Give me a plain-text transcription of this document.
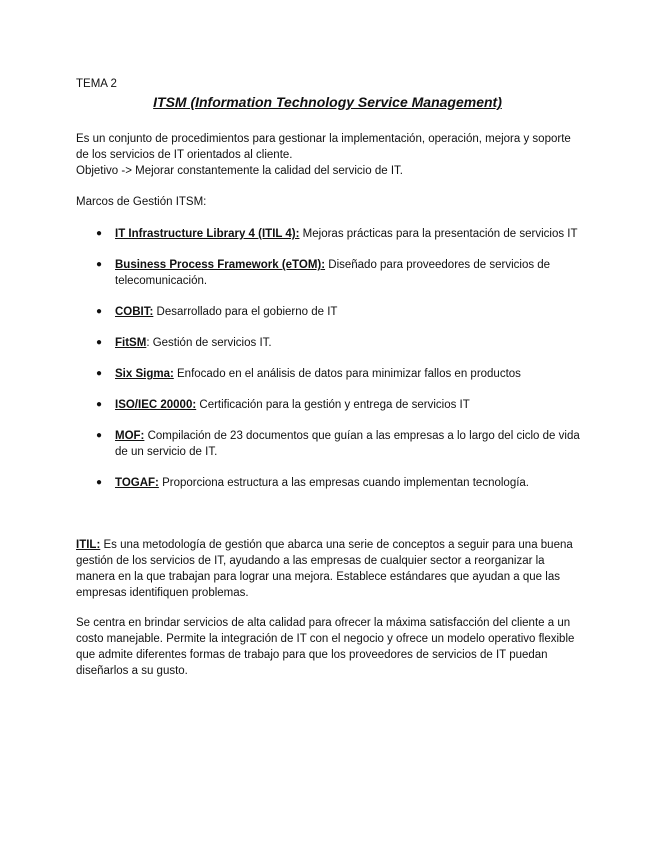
TEMA 2
ITSM (Information Technology Service Management)

Es un conjunto de procedimientos para gestionar la implementación, operación, mejora y soporte de los servicios de IT orientados al cliente.

Objetivo -> Mejorar constantemente la calidad del servicio de IT.

Marcos de Gestión ITSM:
● IT Infrastructure Library 4 (ITIL 4): Mejoras prácticas para la presentación de servicios IT
● Business Process Framework (eTOM): Diseñado para proveedores de servicios de telecomunicación.
● COBIT: Desarrollado para el gobierno de IT
● FitSM: Gestión de servicios IT.
● Six Sigma: Enfocado en el análisis de datos para minimizar fallos en productos
● ISO/IEC 20000: Certificación para la gestión y entrega de servicios IT
● MOF: Compilación de 23 documentos que guían a las empresas a lo largo del ciclo de vida de un servicio de IT.
● TOGAF: Proporciona estructura a las empresas cuando implementan tecnología.

ITIL: Es una metodología de gestión que abarca una serie de conceptos a seguir para una buena gestión de los servicios de IT, ayudando a las empresas de cualquier sector a reorganizar la manera en la que trabajan para lograr una mejora. Establece estándares que ayudan a que las empresas identifiquen problemas.

Se centra en brindar servicios de alta calidad para ofrecer la máxima satisfacción del cliente a un costo manejable. Permite la integración de IT con el negocio y ofrece un modelo operativo flexible que admite diferentes formas de trabajo para que los proveedores de servicios de IT puedan diseñarlos a su gusto.
